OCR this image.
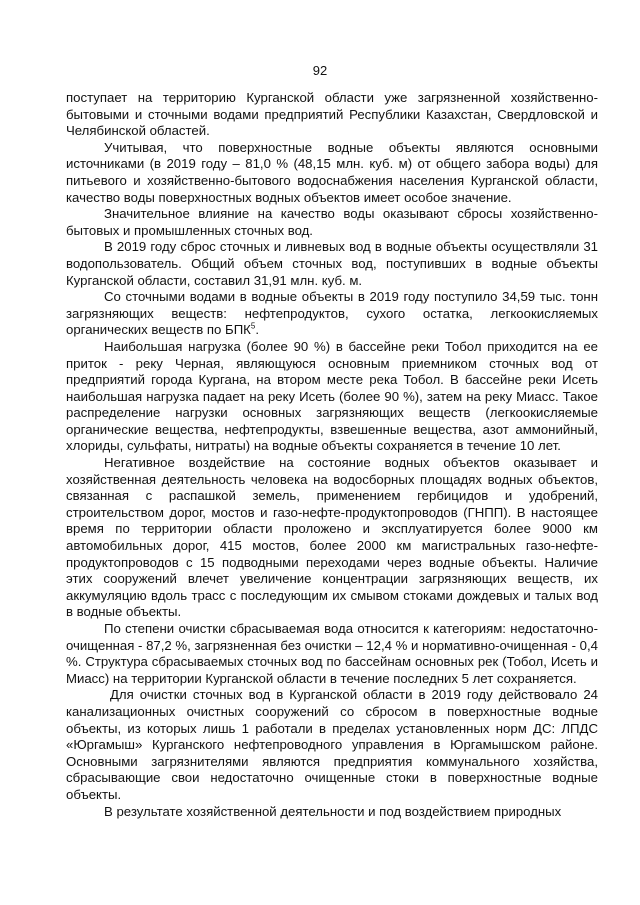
92

поступает на территорию Курганской области уже загрязненной хозяйственно-бытовыми и сточными водами предприятий Республики Казахстан, Свердловской и Челябинской областей.

Учитывая, что поверхностные водные объекты являются основными источниками (в 2019 году – 81,0 % (48,15 млн. куб. м) от общего забора воды) для питьевого и хозяйственно-бытового водоснабжения населения Курганской области, качество воды поверхностных водных объектов имеет особое значение.

Значительное влияние на качество воды оказывают сбросы хозяйственно-бытовых и промышленных сточных вод.

В 2019 году сброс сточных и ливневых вод в водные объекты осуществляли 31 водопользователь. Общий объем сточных вод, поступивших в водные объекты Курганской области, составил 31,91 млн. куб. м.

Со сточными водами в водные объекты в 2019 году поступило 34,59 тыс. тонн загрязняющих веществ: нефтепродуктов, сухого остатка, легкоокисляемых органических веществ по БПК$^5$.

Наибольшая нагрузка (более 90 %) в бассейне реки Тобол приходится на ее приток - реку Черная, являющуюся основным приемником сточных вод от предприятий города Кургана, на втором месте река Тобол. В бассейне реки Исеть наибольшая нагрузка падает на реку Исеть (более 90 %), затем на реку Миасс. Такое распределение нагрузки основных загрязняющих веществ (легкоокисляемые органические вещества, нефтепродукты, взвешенные вещества, азот аммонийный, хлориды, сульфаты, нитраты) на водные объекты сохраняется в течение 10 лет.

Негативное воздействие на состояние водных объектов оказывает и хозяйственная деятельность человека на водосборных площадях водных объектов, связанная с распашкой земель, применением гербицидов и удобрений, строительством дорог, мостов и газо-нефте-продуктопроводов (ГНПП). В настоящее время по территории области проложено и эксплуатируется более 9000 км автомобильных дорог, 415 мостов, более 2000 км магистральных газо-нефте-продуктопроводов с 15 подводными переходами через водные объекты. Наличие этих сооружений влечет увеличение концентрации загрязняющих веществ, их аккумуляцию вдоль трасс с последующим их смывом стоками дождевых и талых вод в водные объекты.

По степени очистки сбрасываемая вода относится к категориям: недостаточно-очищенная - 87,2 %, загрязненная без очистки – 12,4 % и нормативно-очищенная - 0,4 %. Структура сбрасываемых сточных вод по бассейнам основных рек (Тобол, Исеть и Миасс) на территории Курганской области в течение последних 5 лет сохраняется.

Для очистки сточных вод в Курганской области в 2019 году действовало 24 канализационных очистных сооружений со сбросом в поверхностные водные объекты, из которых лишь 1 работали в пределах установленных норм ДС: ЛПДС «Юргамыш» Курганского нефтепроводного управления в Юргамышском районе. Основными загрязнителями являются предприятия коммунального хозяйства, сбрасывающие свои недостаточно очищенные стоки в поверхностные водные объекты.

В результате хозяйственной деятельности и под воздействием природных
